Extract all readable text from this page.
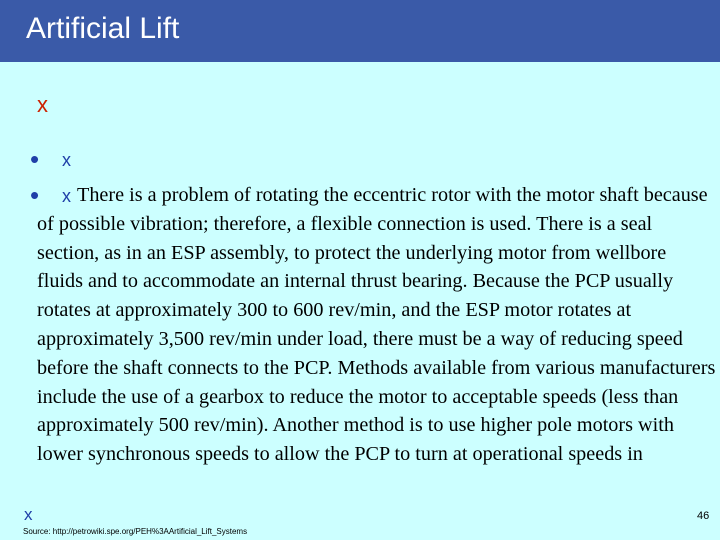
Artificial Lift
x
• x
• x There is a problem of rotating the eccentric rotor with the motor shaft because of possible vibration; therefore, a flexible connection is used. There is a seal section, as in an ESP assembly, to protect the underlying motor from wellbore fluids and to accommodate an internal thrust bearing. Because the PCP usually rotates at approximately 300 to 600 rev/min, and the ESP motor rotates at approximately 3,500 rev/min under load, there must be a way of reducing speed before the shaft connects to the PCP. Methods available from various manufacturers include the use of a gearbox to reduce the motor to acceptable speeds (less than approximately 500 rev/min). Another method is to use higher pole motors with lower synchronous speeds to allow the PCP to turn at operational speeds in
x
Source: http://petrowiki.spe.org/PEH%3AArtificial_Lift_Systems
46
